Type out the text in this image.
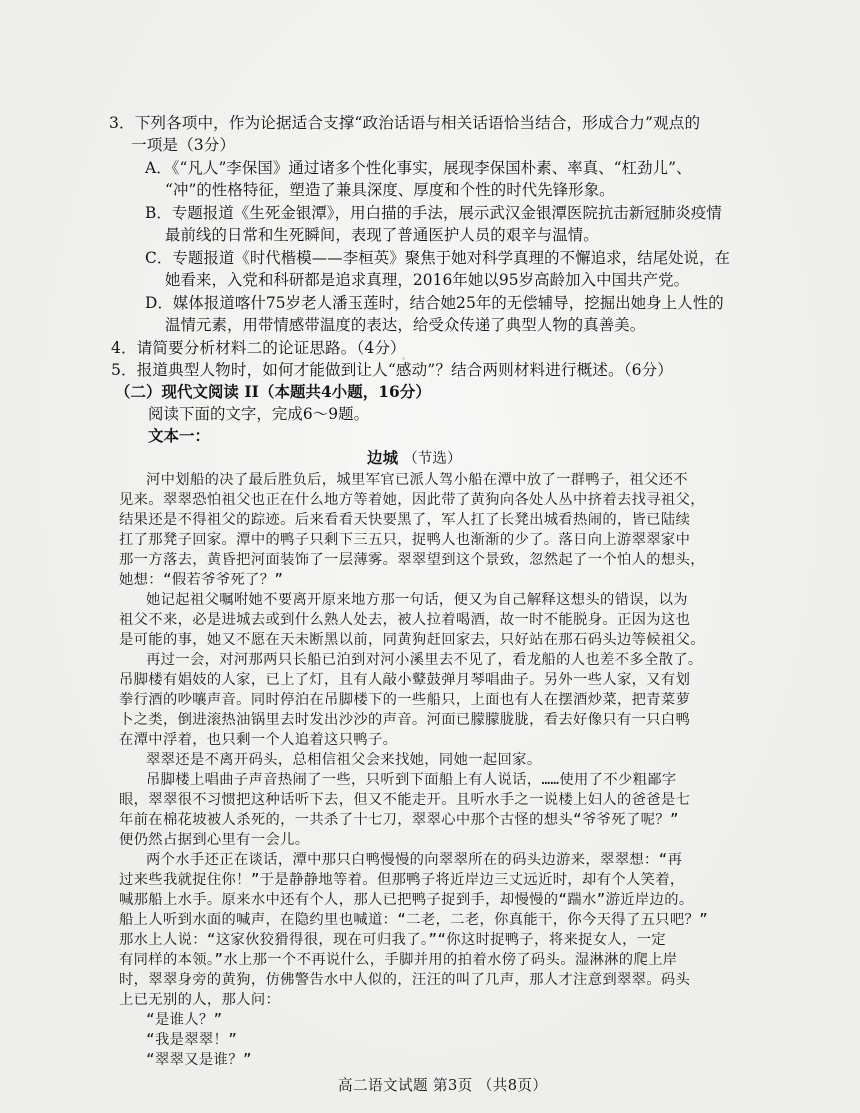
3．下列各项中，作为论据适合支撑“政治话语与相关话语恰当结合，形成合力”观点的
一项是（3分）
A．《“凡人”李保国》通过诸多个性化事实，展现李保国朴素、率真、“杠劲儿”、
“冲”的性格特征，塑造了兼具深度、厚度和个性的时代先锋形象。
B．专题报道《生死金银潭》，用白描的手法，展示武汉金银潭医院抗击新冠肺炎疫情
最前线的日常和生死瞬间，表现了普通医护人员的艰辛与温情。
C．专题报道《时代楷模——李桓英》聚焦于她对科学真理的不懈追求，结尾处说，在
她看来，入党和科研都是追求真理，2016年她以95岁高龄加入中国共产党。
D．媒体报道喀什75岁老人潘玉莲时，结合她25年的无偿辅导，挖掘出她身上人性的
温情元素，用带情感带温度的表达，给受众传递了典型人物的真善美。
4．请简要分析材料二的论证思路。（4分）
5．报道典型人物时，如何才能做到让人“感动”？结合两则材料进行概述。（6分）
（二）现代文阅读 II（本题共4小题，16分）
阅读下面的文字，完成6～9题。
文本一：
边城 （节选）
高二语文试题 第3页 （共8页）
河中划船的决了最后胜负后，城里军官已派人驾小船在潭中放了一群鸭子，祖父还不
见来。翠翠恐怕祖父也正在什么地方等着她，因此带了黄狗向各处人丛中挤着去找寻祖父，
结果还是不得祖父的踪迹。后来看看天快要黑了，军人扛了长凳出城看热闹的，皆已陆续
扛了那凳子回家。潭中的鸭子只剩下三五只，捉鸭人也渐渐的少了。落日向上游翠翠家中
那一方落去，黄昏把河面装饰了一层薄雾。翠翠望到这个景致，忽然起了一个怕人的想头，
她想：“假若爷爷死了？”
她记起祖父嘱咐她不要离开原来地方那一句话，便又为自己解释这想头的错误，以为
祖父不来，必是进城去或到什么熟人处去，被人拉着喝酒，故一时不能脱身。正因为这也
是可能的事，她又不愿在天未断黑以前，同黄狗赶回家去，只好站在那石码头边等候祖父。
再过一会，对河那两只长船已泊到对河小溪里去不见了，看龙船的人也差不多全散了。
吊脚楼有娼妓的人家，已上了灯，且有人敲小鼙鼓弹月琴唱曲子。另外一些人家，又有划
拳行酒的吵嚷声音。同时停泊在吊脚楼下的一些船只，上面也有人在摆酒炒菜，把青菜萝
卜之类，倒进滚热油锅里去时发出沙沙的声音。河面已朦朦胧胧，看去好像只有一只白鸭
在潭中浮着，也只剩一个人追着这只鸭子。
翠翠还是不离开码头，总相信祖父会来找她，同她一起回家。
吊脚楼上唱曲子声音热闹了一些，只听到下面船上有人说话，……使用了不少粗鄙字
眼，翠翠很不习惯把这种话听下去，但又不能走开。且听水手之一说楼上妇人的爸爸是七
年前在棉花坡被人杀死的，一共杀了十七刀，翠翠心中那个古怪的想头“爷爷死了呢？”
便仍然占据到心里有一会儿。
两个水手还正在谈话，潭中那只白鸭慢慢的向翠翠所在的码头边游来，翠翠想：“再
过来些我就捉住你！”于是静静地等着。但那鸭子将近岸边三丈远近时，却有个人笑着，
喊那船上水手。原来水中还有个人，那人已把鸭子捉到手，却慢慢的“踹水”游近岸边的。
船上人听到水面的喊声，在隐约里也喊道：“二老，二老，你真能干，你今天得了五只吧？”
那水上人说：“这家伙狡猾得很，现在可归我了。”“你这时捉鸭子，将来捉女人，一定
有同样的本领。”水上那一个不再说什么，手脚并用的拍着水傍了码头。湿淋淋的爬上岸
时，翠翠身旁的黄狗，仿佛警告水中人似的，汪汪的叫了几声，那人才注意到翠翠。码头
上已无别的人，那人问：
“是谁人？”
“我是翠翠！”
“翠翠又是谁？”
